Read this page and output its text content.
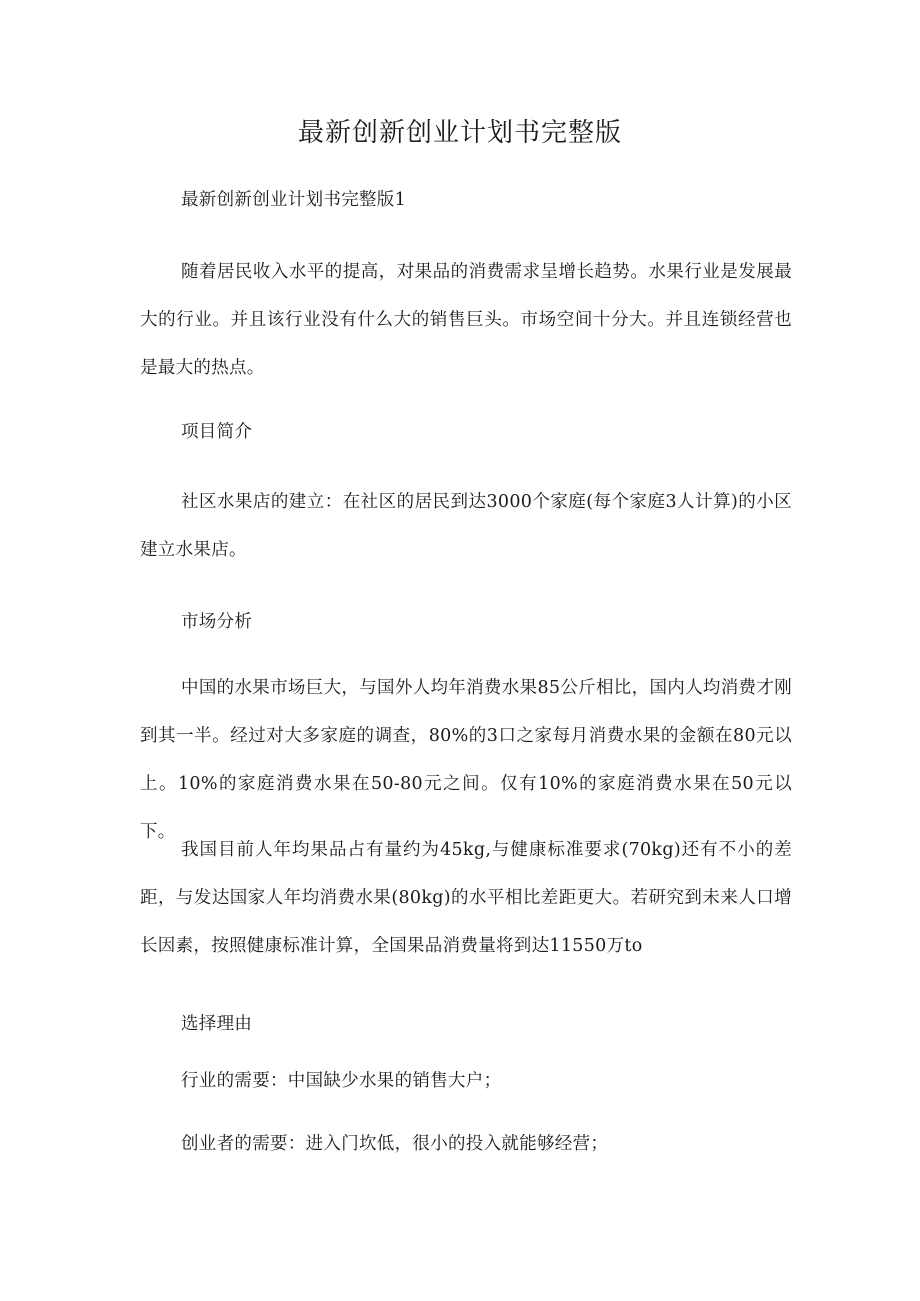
最新创新创业计划书完整版

最新创新创业计划书完整版1

随着居民收入水平的提高，对果品的消费需求呈增长趋势。水果行业是发展最大的行业。并且该行业没有什么大的销售巨头。市场空间十分大。并且连锁经营也是最大的热点。

项目简介

社区水果店的建立：在社区的居民到达3000个家庭(每个家庭3人计算)的小区建立水果店。

市场分析

中国的水果市场巨大，与国外人均年消费水果85公斤相比，国内人均消费才刚到其一半。经过对大多家庭的调查，80%的3口之家每月消费水果的金额在80元以上。10%的家庭消费水果在50-80元之间。仅有10%的家庭消费水果在50元以下。

我国目前人年均果品占有量约为45kg,与健康标准要求(70kg)还有不小的差距，与发达国家人年均消费水果(80kg)的水平相比差距更大。若研究到未来人口增长因素，按照健康标准计算，全国果品消费量将到达11550万to

选择理由

行业的需要：中国缺少水果的销售大户；

创业者的需要：进入门坎低，很小的投入就能够经营；
